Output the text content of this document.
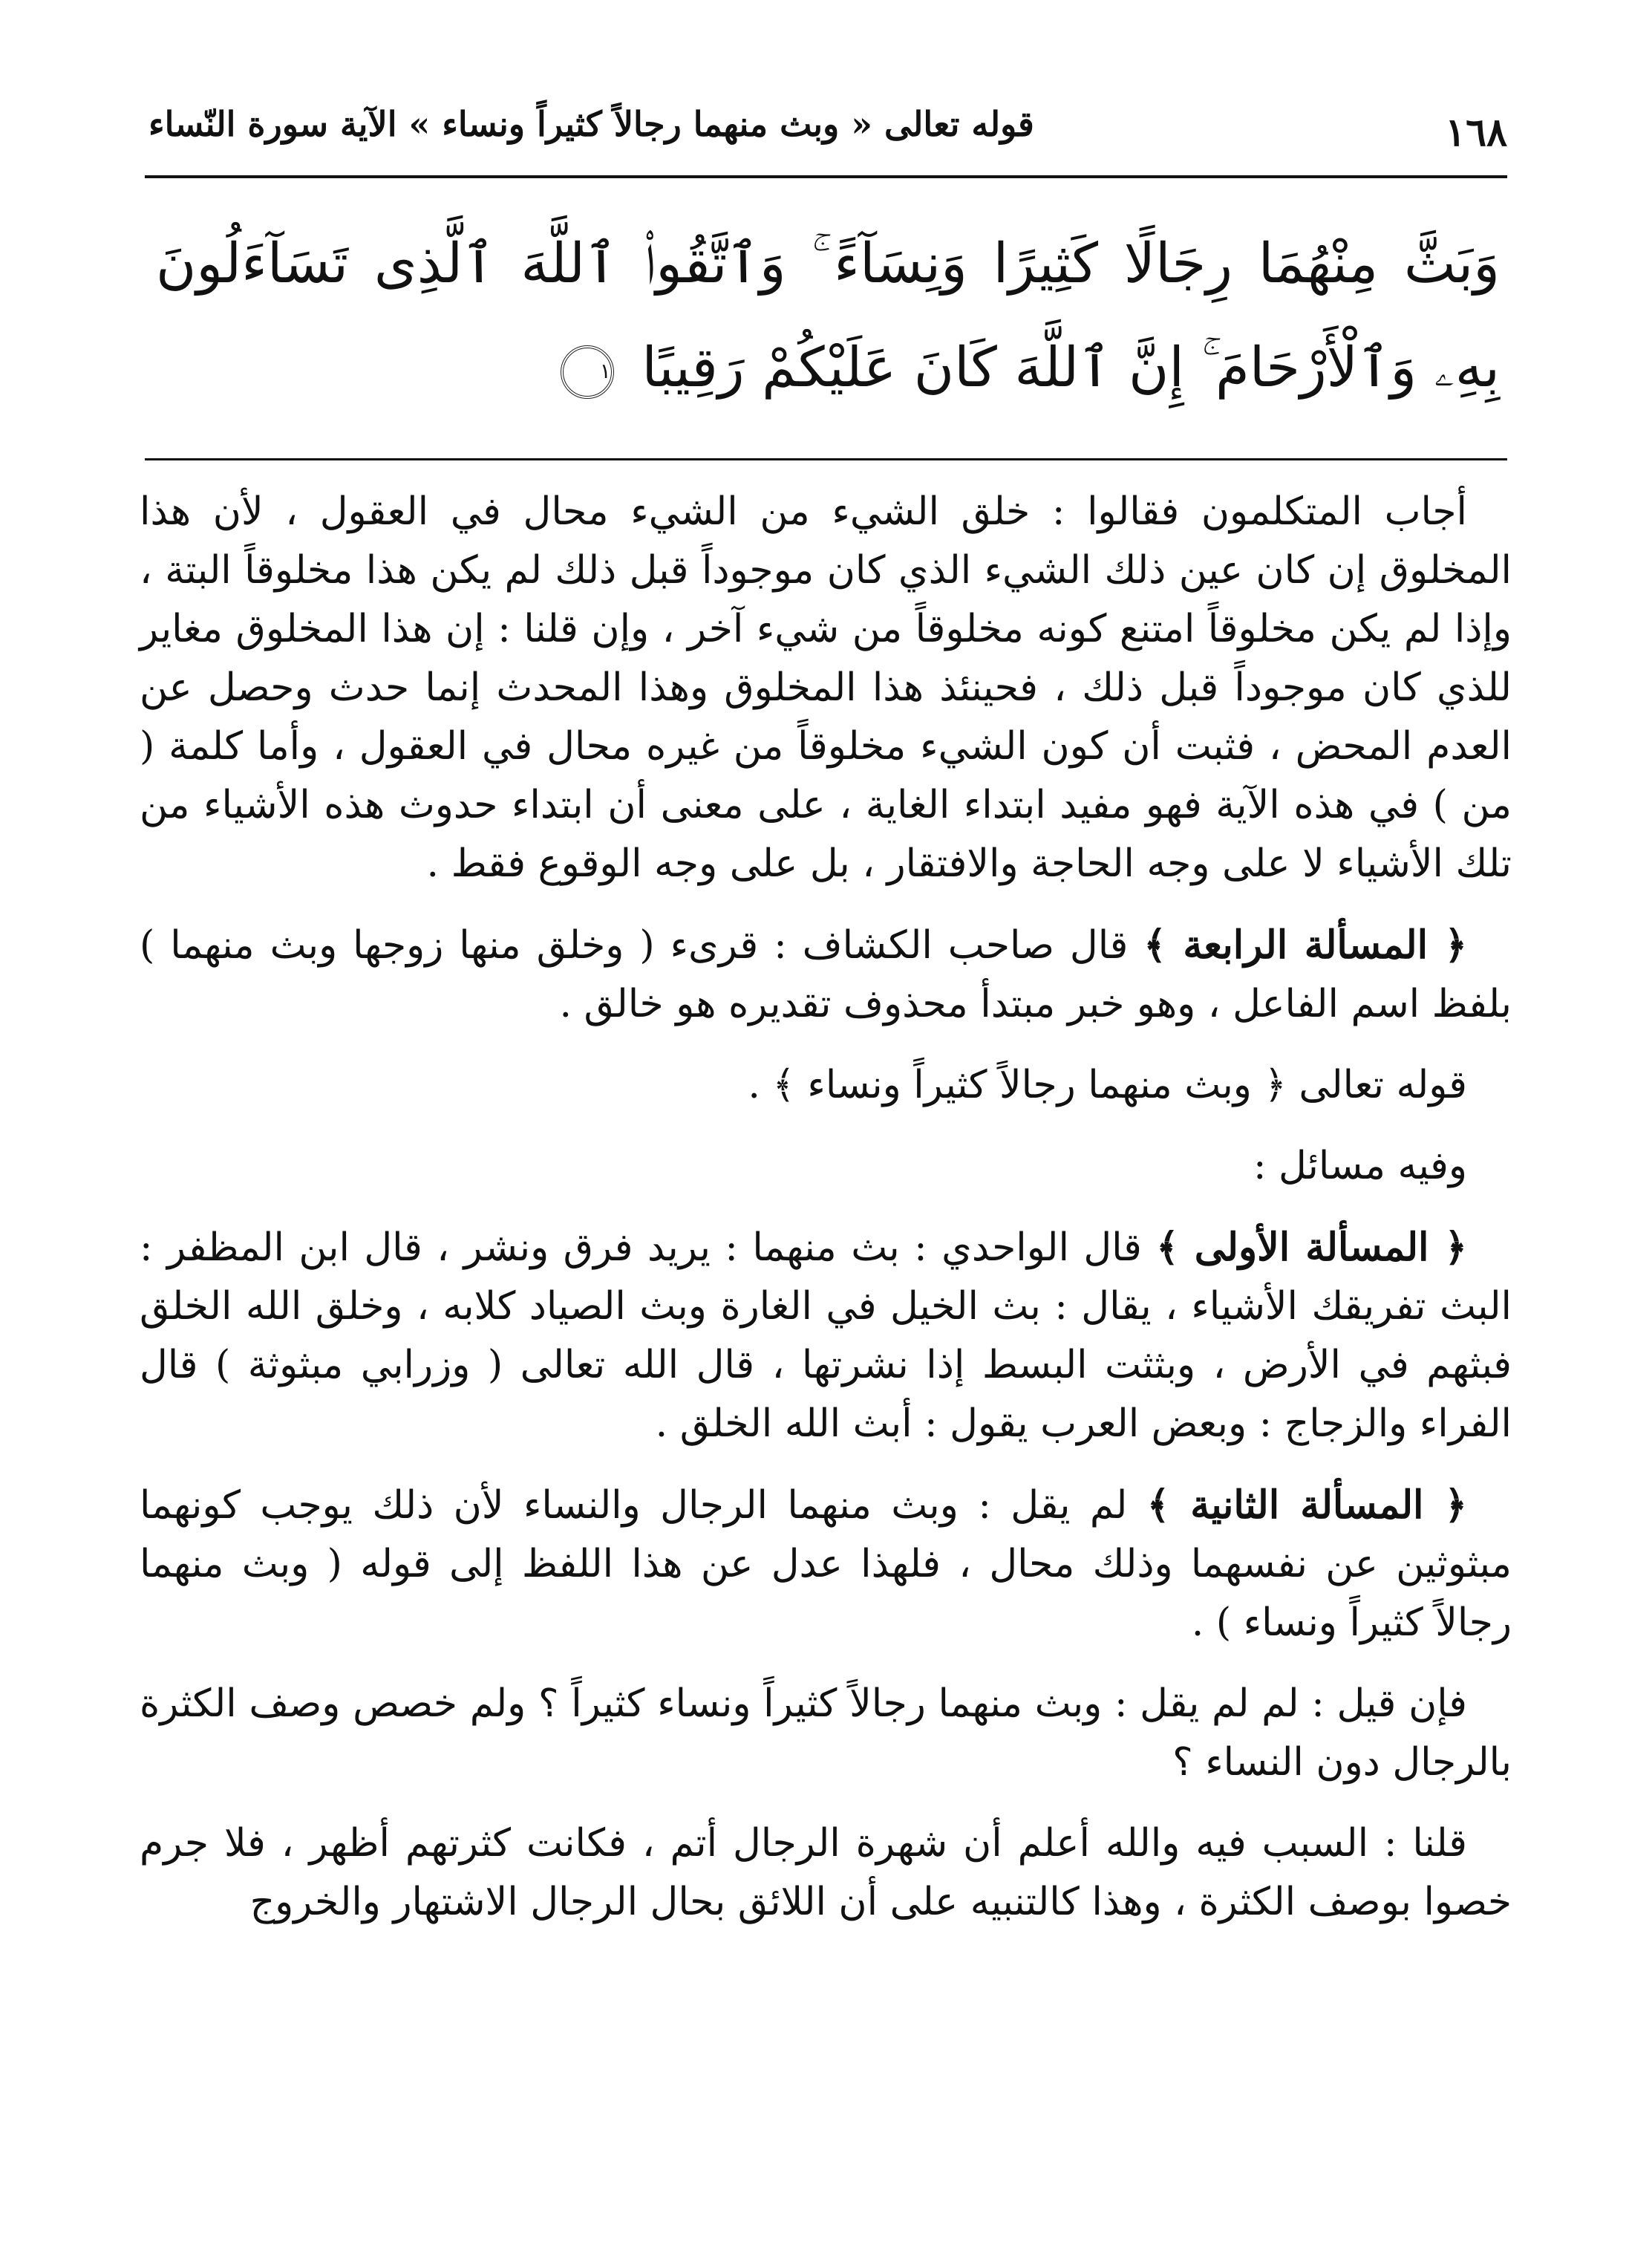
١٦٨
قوله تعالى « وبث منهما رجالاً كثيراً ونساء » الآية سورة النّساء
وَبَثَّ مِنْهُمَا رِجَالًا كَثِيرًا وَنِسَآءً ۚ وَٱتَّقُوا۟ ٱللَّهَ ٱلَّذِى تَسَآءَلُونَ بِهِۦ وَٱلْأَرْحَامَ ۚ إِنَّ ٱللَّهَ كَانَ عَلَيْكُمْ رَقِيبًا ١

أجاب المتكلمون فقالوا : خلق الشيء من الشيء محال في العقول ، لأن هذا المخلوق إن كان عين ذلك الشيء الذي كان موجوداً قبل ذلك لم يكن هذا مخلوقاً البتة ، وإذا لم يكن مخلوقاً امتنع كونه مخلوقاً من شيء آخر ، وإن قلنا : إن هذا المخلوق مغاير للذي كان موجوداً قبل ذلك ، فحينئذ هذا المخلوق وهذا المحدث إنما حدث وحصل عن العدم المحض ، فثبت أن كون الشيء مخلوقاً من غيره محال في العقول ، وأما كلمة ( من ) في هذه الآية فهو مفيد ابتداء الغاية ، على معنى أن ابتداء حدوث هذه الأشياء من تلك الأشياء لا على وجه الحاجة والافتقار ، بل على وجه الوقوع فقط .

﴿ المسألة الرابعة ﴾ قال صاحب الكشاف : قرىء ( وخلق منها زوجها وبث منهما ) بلفظ اسم الفاعل ، وهو خبر مبتدأ محذوف تقديره هو خالق .

قوله تعالى ﴿ وبث منهما رجالاً كثيراً ونساء ﴾ .

وفيه مسائل :

﴿ المسألة الأولى ﴾ قال الواحدي : بث منهما : يريد فرق ونشر ، قال ابن المظفر : البث تفريقك الأشياء ، يقال : بث الخيل في الغارة وبث الصياد كلابه ، وخلق الله الخلق فبثهم في الأرض ، وبثثت البسط إذا نشرتها ، قال الله تعالى ( وزرابي مبثوثة ) قال الفراء والزجاج : وبعض العرب يقول : أبث الله الخلق .

﴿ المسألة الثانية ﴾ لم يقل : وبث منهما الرجال والنساء لأن ذلك يوجب كونهما مبثوثين عن نفسهما وذلك محال ، فلهذا عدل عن هذا اللفظ إلى قوله ( وبث منهما رجالاً كثيراً ونساء ) .

فإن قيل : لم لم يقل : وبث منهما رجالاً كثيراً ونساء كثيراً ؟ ولم خصص وصف الكثرة بالرجال دون النساء ؟

قلنا : السبب فيه والله أعلم أن شهرة الرجال أتم ، فكانت كثرتهم أظهر ، فلا جرم خصوا بوصف الكثرة ، وهذا كالتنبيه على أن اللائق بحال الرجال الاشتهار والخروج
